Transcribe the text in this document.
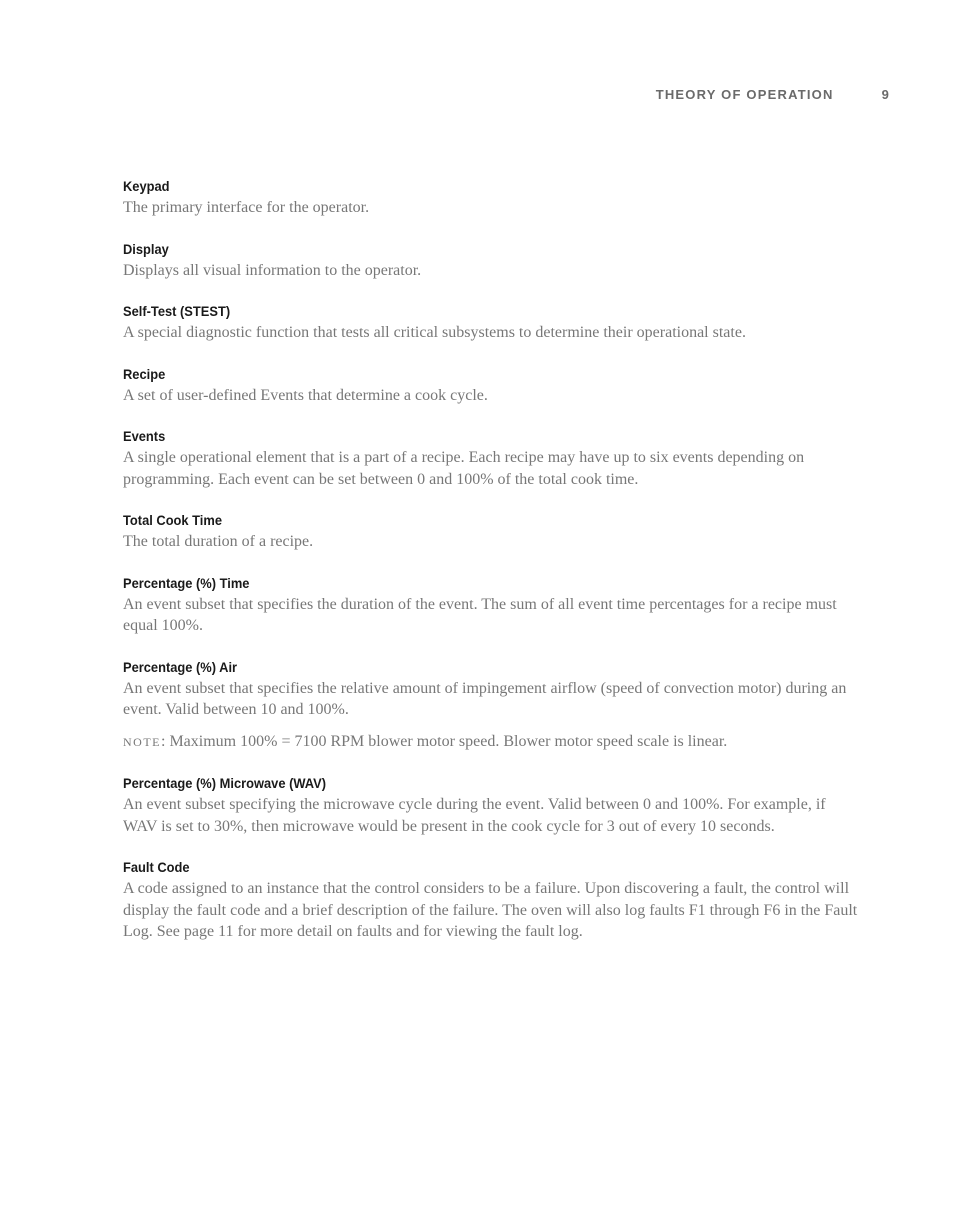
THEORY OF OPERATION	9
Keypad
The primary interface for the operator.
Display
Displays all visual information to the operator.
Self-Test (STEST)
A special diagnostic function that tests all critical subsystems to determine their operational state.
Recipe
A set of user-defined Events that determine a cook cycle.
Events
A single operational element that is a part of a recipe. Each recipe may have up to six events depending on programming. Each event can be set between 0 and 100% of the total cook time.
Total Cook Time
The total duration of a recipe.
Percentage (%) Time
An event subset that specifies the duration of the event. The sum of all event time percentages for a recipe must equal 100%.
Percentage (%) Air
An event subset that specifies the relative amount of impingement airflow (speed of convection motor) during an event. Valid between 10 and 100%.
NOTE: Maximum 100% = 7100 RPM blower motor speed. Blower motor speed scale is linear.
Percentage (%) Microwave (WAV)
An event subset specifying the microwave cycle during the event. Valid between 0 and 100%. For example, if WAV is set to 30%, then microwave would be present in the cook cycle for 3 out of every 10 seconds.
Fault Code
A code assigned to an instance that the control considers to be a failure. Upon discovering a fault, the control will display the fault code and a brief description of the failure. The oven will also log faults F1 through F6 in the Fault Log. See page 11 for more detail on faults and for viewing the fault log.
